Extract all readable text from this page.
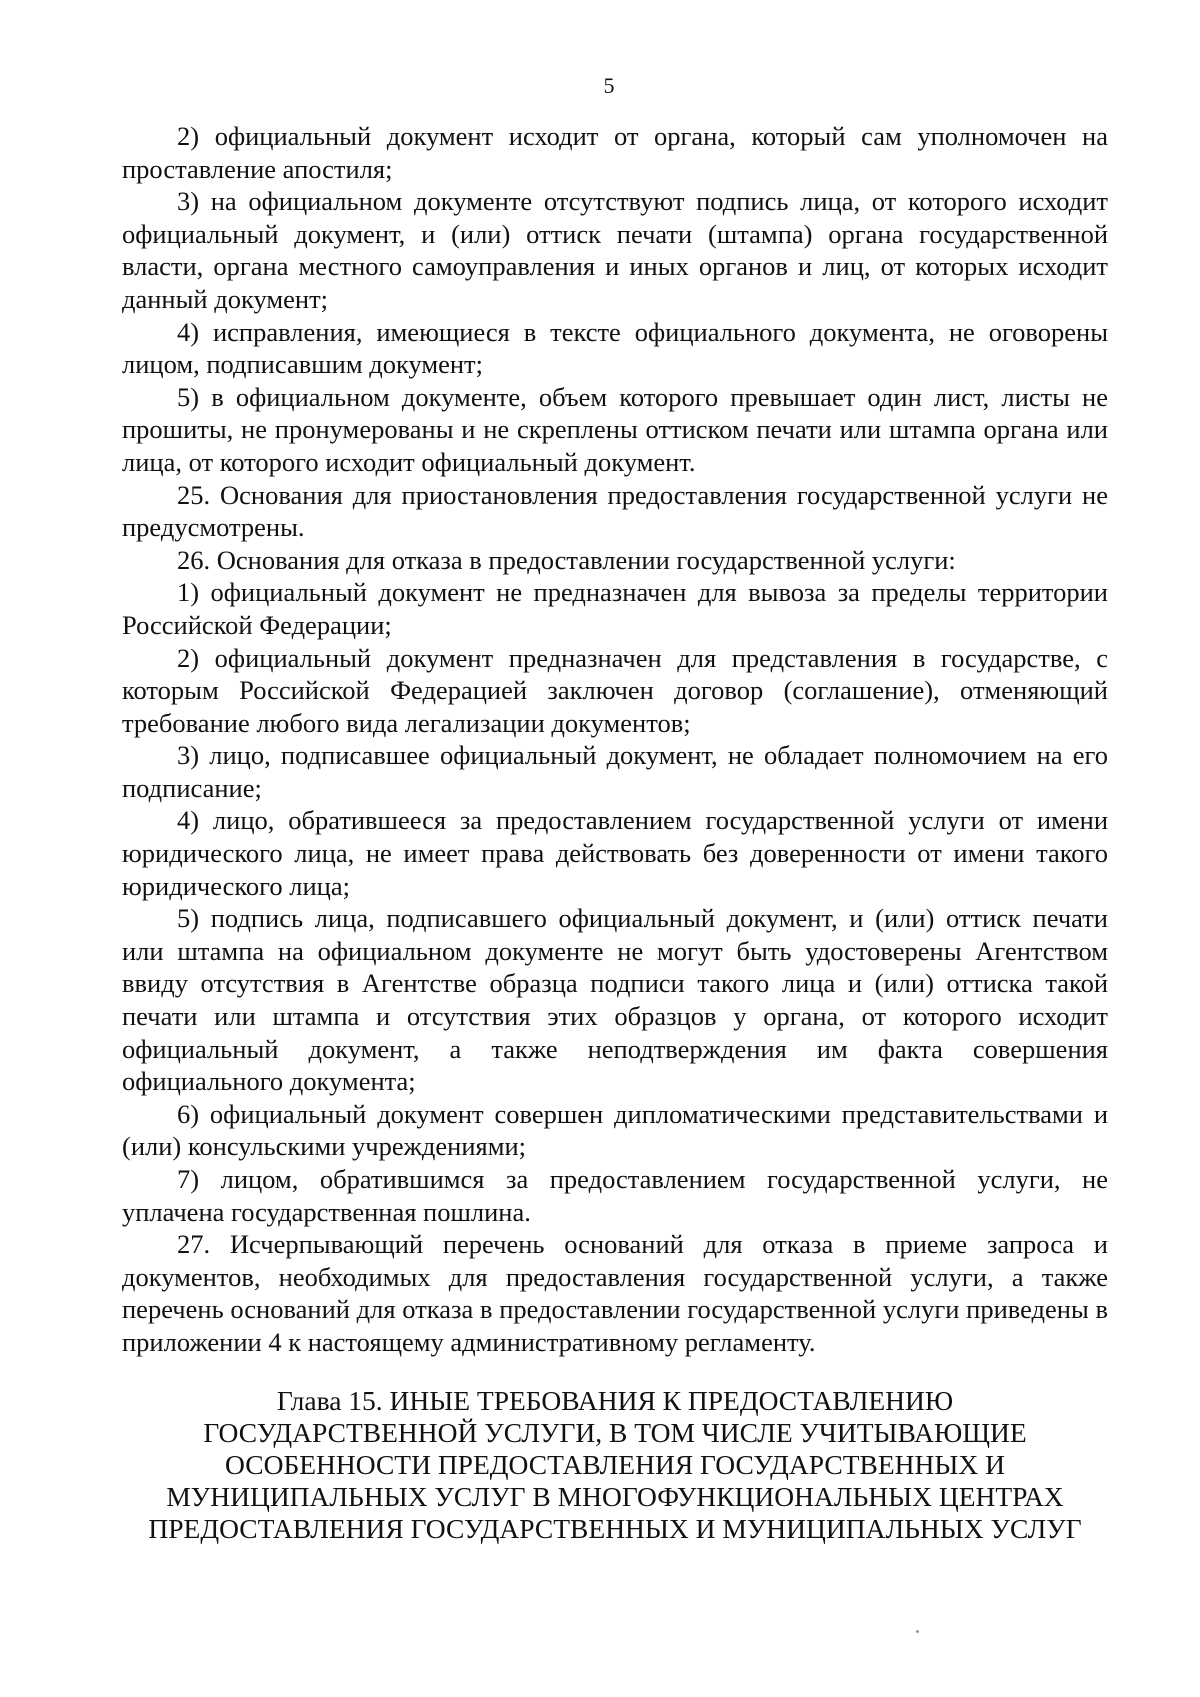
5

2) официальный документ исходит от органа, который сам уполномочен на проставление апостиля;

3) на официальном документе отсутствуют подпись лица, от которого исходит официальный документ, и (или) оттиск печати (штампа) органа государственной власти, органа местного самоуправления и иных органов и лиц, от которых исходит данный документ;

4) исправления, имеющиеся в тексте официального документа, не оговорены лицом, подписавшим документ;

5) в официальном документе, объем которого превышает один лист, листы не прошиты, не пронумерованы и не скреплены оттиском печати или штампа органа или лица, от которого исходит официальный документ.

25. Основания для приостановления предоставления государственной услуги не предусмотрены.

26. Основания для отказа в предоставлении государственной услуги:

1) официальный документ не предназначен для вывоза за пределы территории Российской Федерации;

2) официальный документ предназначен для представления в государстве, с которым Российской Федерацией заключен договор (соглашение), отменяющий требование любого вида легализации документов;

3) лицо, подписавшее официальный документ, не обладает полномочием на его подписание;

4) лицо, обратившееся за предоставлением государственной услуги от имени юридического лица, не имеет права действовать без доверенности от имени такого юридического лица;

5) подпись лица, подписавшего официальный документ, и (или) оттиск печати или штампа на официальном документе не могут быть удостоверены Агентством ввиду отсутствия в Агентстве образца подписи такого лица и (или) оттиска такой печати или штампа и отсутствия этих образцов у органа, от которого исходит официальный документ, а также неподтверждения им факта совершения официального документа;

6) официальный документ совершен дипломатическими представительствами и (или) консульскими учреждениями;

7) лицом, обратившимся за предоставлением государственной услуги, не уплачена государственная пошлина.

27. Исчерпывающий перечень оснований для отказа в приеме запроса и документов, необходимых для предоставления государственной услуги, а также перечень оснований для отказа в предоставлении государственной услуги приведены в приложении 4 к настоящему административному регламенту.

Глава 15. ИНЫЕ ТРЕБОВАНИЯ К ПРЕДОСТАВЛЕНИЮ
ГОСУДАРСТВЕННОЙ УСЛУГИ, В ТОМ ЧИСЛЕ УЧИТЫВАЮЩИЕ
ОСОБЕННОСТИ ПРЕДОСТАВЛЕНИЯ ГОСУДАРСТВЕННЫХ И
МУНИЦИПАЛЬНЫХ УСЛУГ В МНОГОФУНКЦИОНАЛЬНЫХ ЦЕНТРАХ
ПРЕДОСТАВЛЕНИЯ ГОСУДАРСТВЕННЫХ И МУНИЦИПАЛЬНЫХ УСЛУГ
